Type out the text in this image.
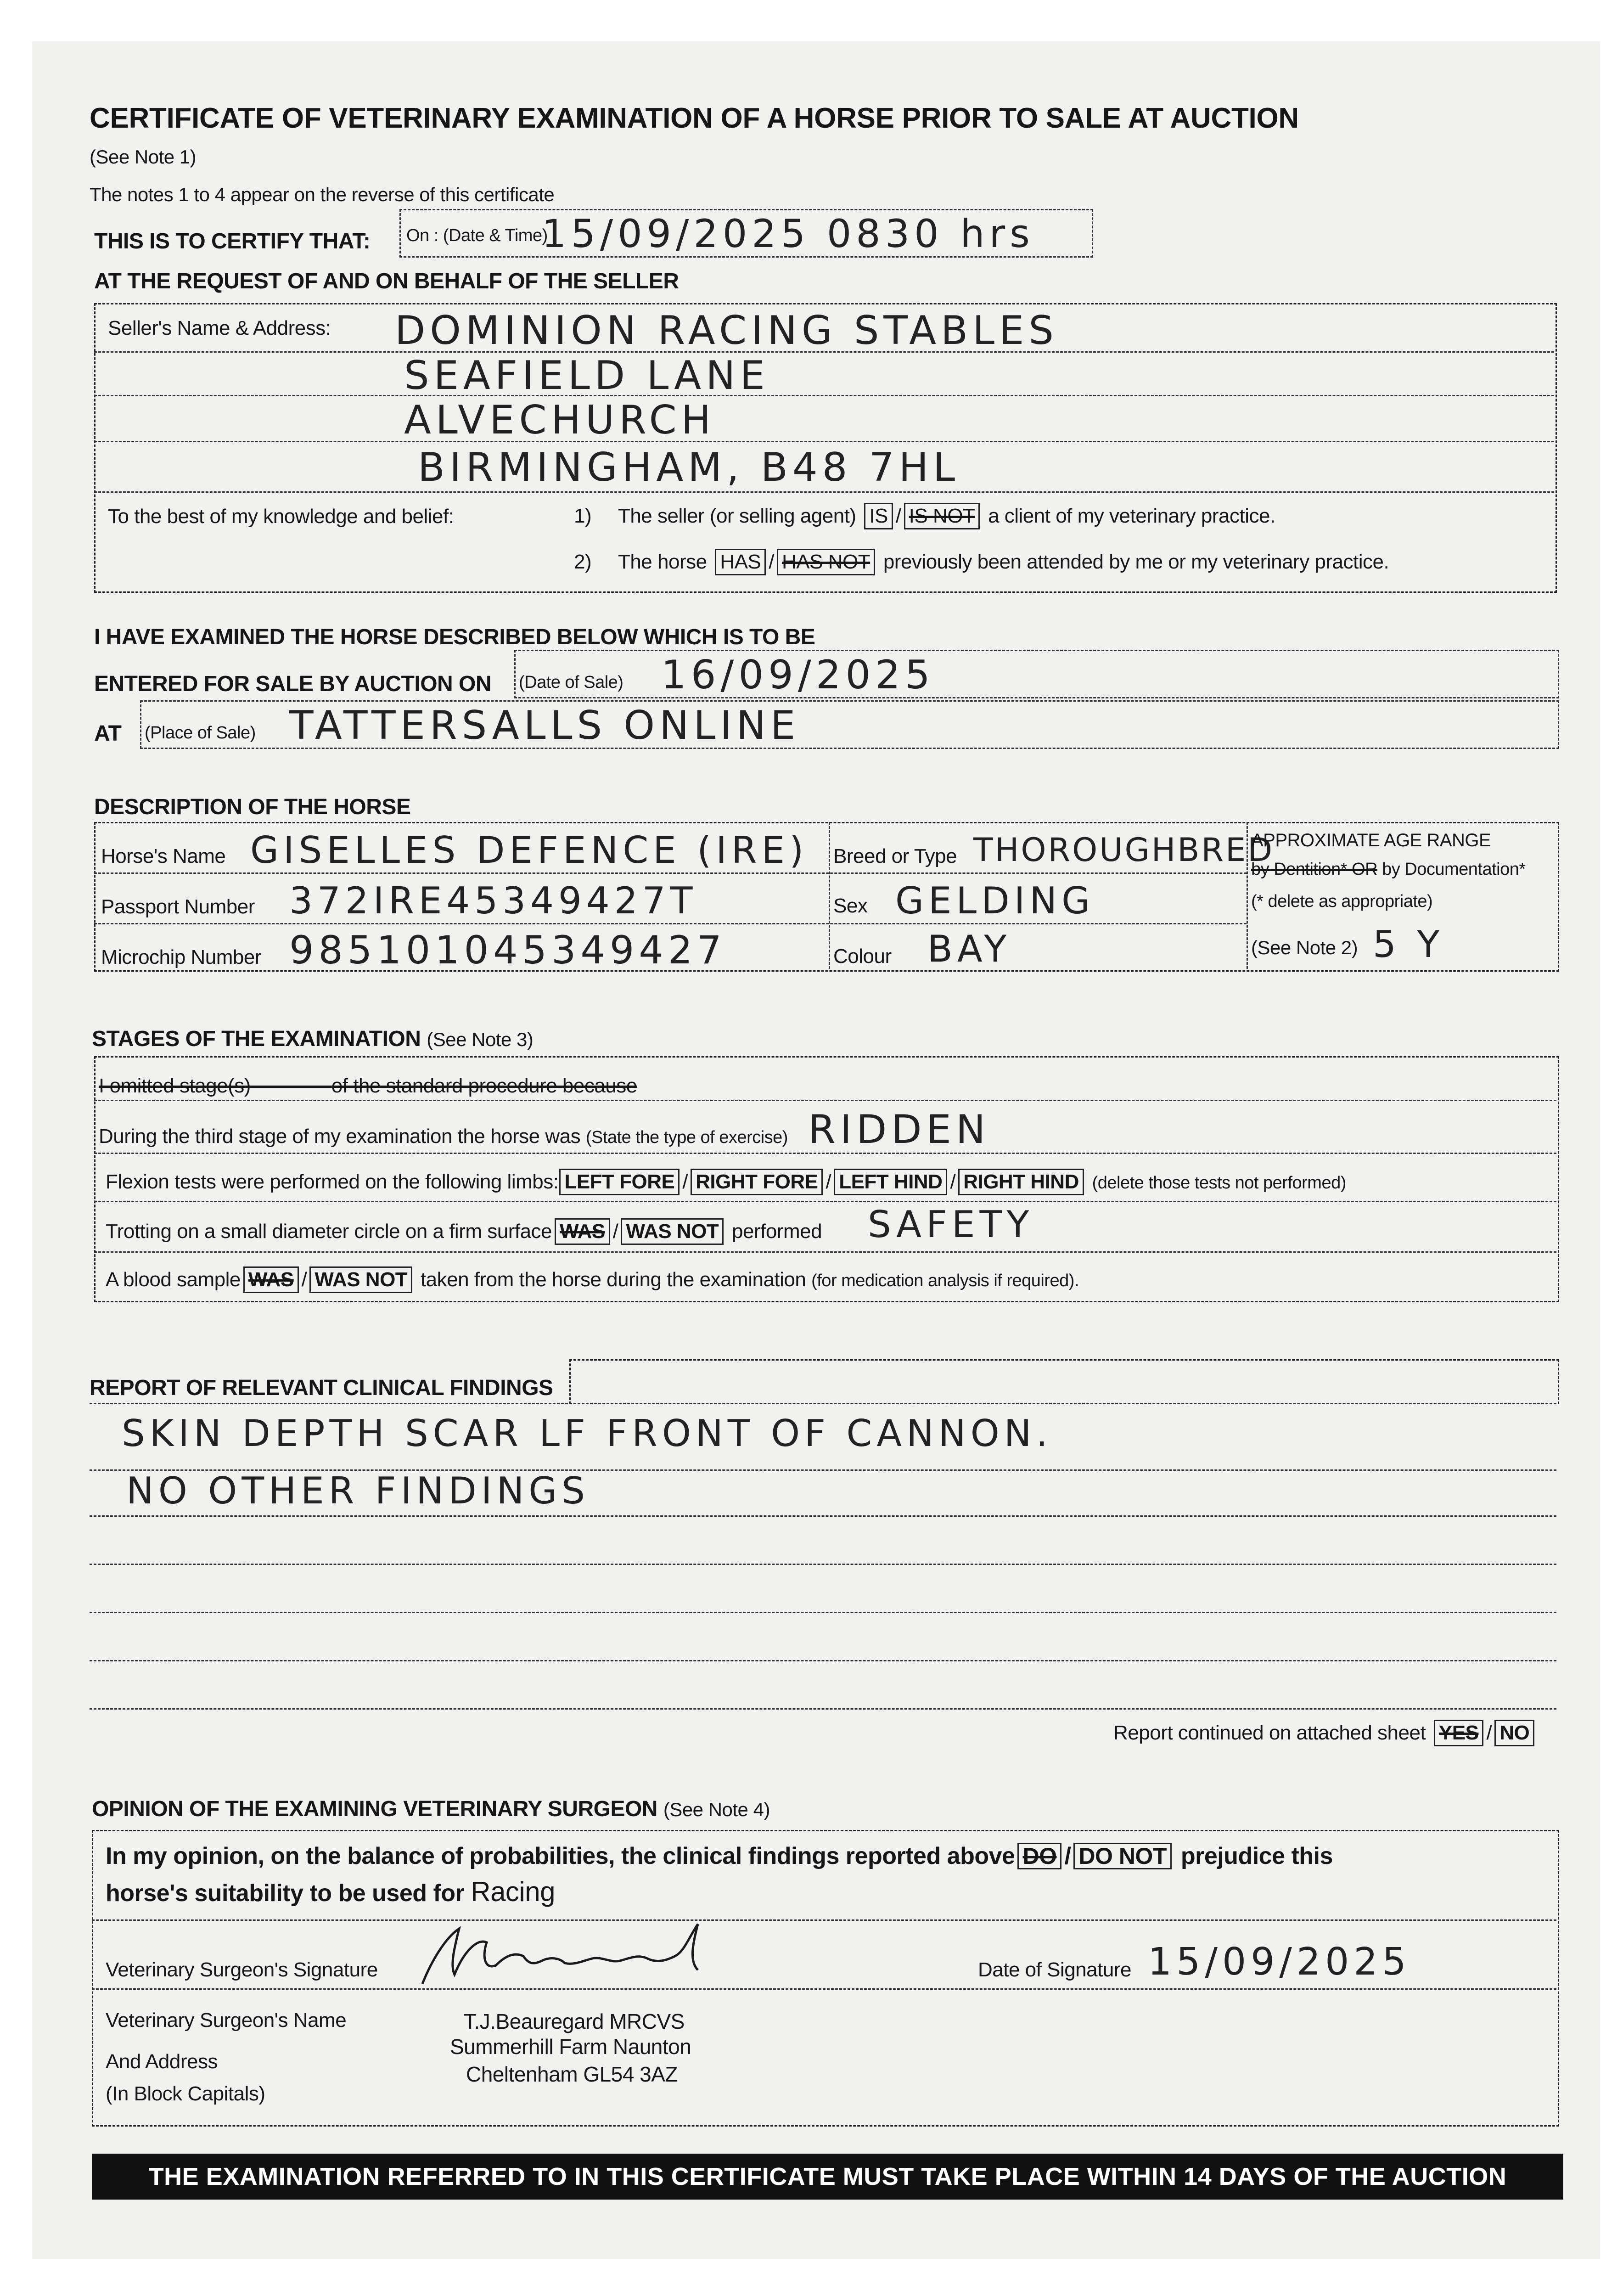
CERTIFICATE OF VETERINARY EXAMINATION OF A HORSE PRIOR TO SALE AT AUCTION
(See Note 1)
The notes 1 to 4 appear on the reverse of this certificate
THIS IS TO CERTIFY THAT: On : (Date & Time)
15/09/2025 0830 hrs
AT THE REQUEST OF AND ON BEHALF OF THE SELLER
Seller's Name & Address: DOMINION RACING STABLES
SEAFIELD LANE
ALVECHURCH
BIRMINGHAM, B48 7HL
To the best of my knowledge and belief:	1) The seller (or selling agent) IS / IS NOT a client of my veterinary practice.
2) The horse HAS / HAS NOT previously been attended by me or my veterinary practice.
I HAVE EXAMINED THE HORSE DESCRIBED BELOW WHICH IS TO BE
ENTERED FOR SALE BY AUCTION ON (Date of Sale) 16/09/2025
AT (Place of Sale) TATTERSALLS ONLINE
DESCRIPTION OF THE HORSE
Horse's Name GISELLES DEFENCE (IRE)
Passport Number 372IRE45349427T
Microchip Number 985101045349427
Breed or Type THOROUGHBRED
Sex GELDING
Colour BAY
APPROXIMATE AGE RANGE
by Dentition* OR by Documentation*
(* delete as appropriate)
(See Note 2) 5 Y
STAGES OF THE EXAMINATION (See Note 3)
I omitted stage(s)	of the standard procedure because
During the third stage of my examination the horse was (State the type of exercise) RIDDEN
Flexion tests were performed on the following limbs: LEFT FORE / RIGHT FORE / LEFT HIND / RIGHT HIND (delete those tests not performed)
Trotting on a small diameter circle on a firm surface WAS / WAS NOT performed SAFETY
A blood sample WAS / WAS NOT taken from the horse during the examination (for medication analysis if required).
REPORT OF RELEVANT CLINICAL FINDINGS
SKIN DEPTH SCAR LF FRONT OF CANNON.
NO OTHER FINDINGS
Report continued on attached sheet YES / NO
OPINION OF THE EXAMINING VETERINARY SURGEON (See Note 4)
In my opinion, on the balance of probabilities, the clinical findings reported above DO / DO NOT prejudice this
horse's suitability to be used for Racing
Veterinary Surgeon's Signature	Date of Signature 15/09/2025
Veterinary Surgeon's Name
And Address
(In Block Capitals)
T.J.Beauregard MRCVS
Summerhill Farm Naunton
Cheltenham GL54 3AZ
THE EXAMINATION REFERRED TO IN THIS CERTIFICATE MUST TAKE PLACE WITHIN 14 DAYS OF THE AUCTION
